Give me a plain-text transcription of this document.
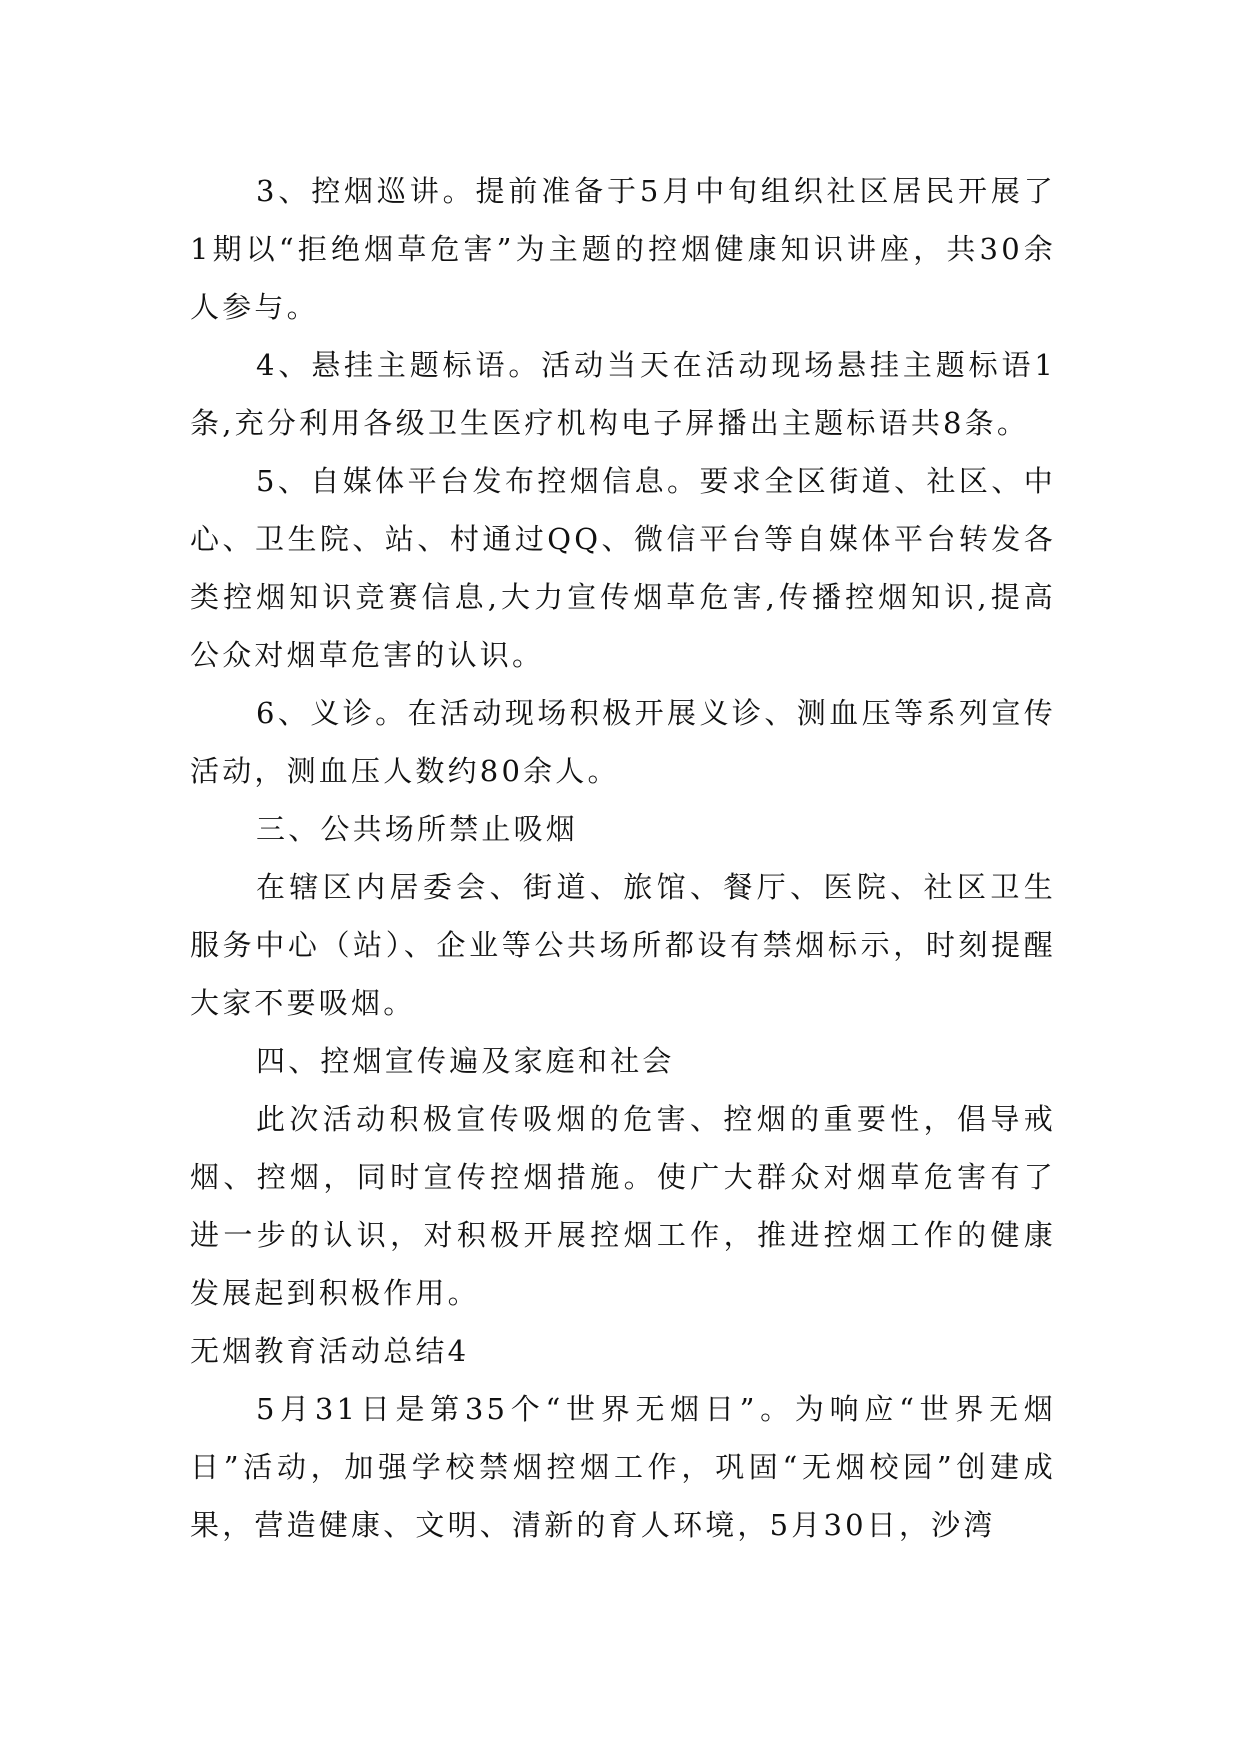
3、控烟巡讲。提前准备于5月中旬组织社区居民开展了1期以“拒绝烟草危害”为主题的控烟健康知识讲座，共30余人参与。

4、悬挂主题标语。活动当天在活动现场悬挂主题标语1条,充分利用各级卫生医疗机构电子屏播出主题标语共8条。

5、自媒体平台发布控烟信息。要求全区街道、社区、中心、卫生院、站、村通过QQ、微信平台等自媒体平台转发各类控烟知识竞赛信息,大力宣传烟草危害,传播控烟知识,提高公众对烟草危害的认识。

6、义诊。在活动现场积极开展义诊、测血压等系列宣传活动，测血压人数约80余人。

三、公共场所禁止吸烟

在辖区内居委会、街道、旅馆、餐厅、医院、社区卫生服务中心（站）、企业等公共场所都设有禁烟标示，时刻提醒大家不要吸烟。

四、控烟宣传遍及家庭和社会

此次活动积极宣传吸烟的危害、控烟的重要性，倡导戒烟、控烟，同时宣传控烟措施。使广大群众对烟草危害有了进一步的认识，对积极开展控烟工作，推进控烟工作的健康发展起到积极作用。

无烟教育活动总结4

5月31日是第35个“世界无烟日”。为响应“世界无烟日”活动，加强学校禁烟控烟工作，巩固“无烟校园”创建成果，营造健康、文明、清新的育人环境，5月30日，沙湾
